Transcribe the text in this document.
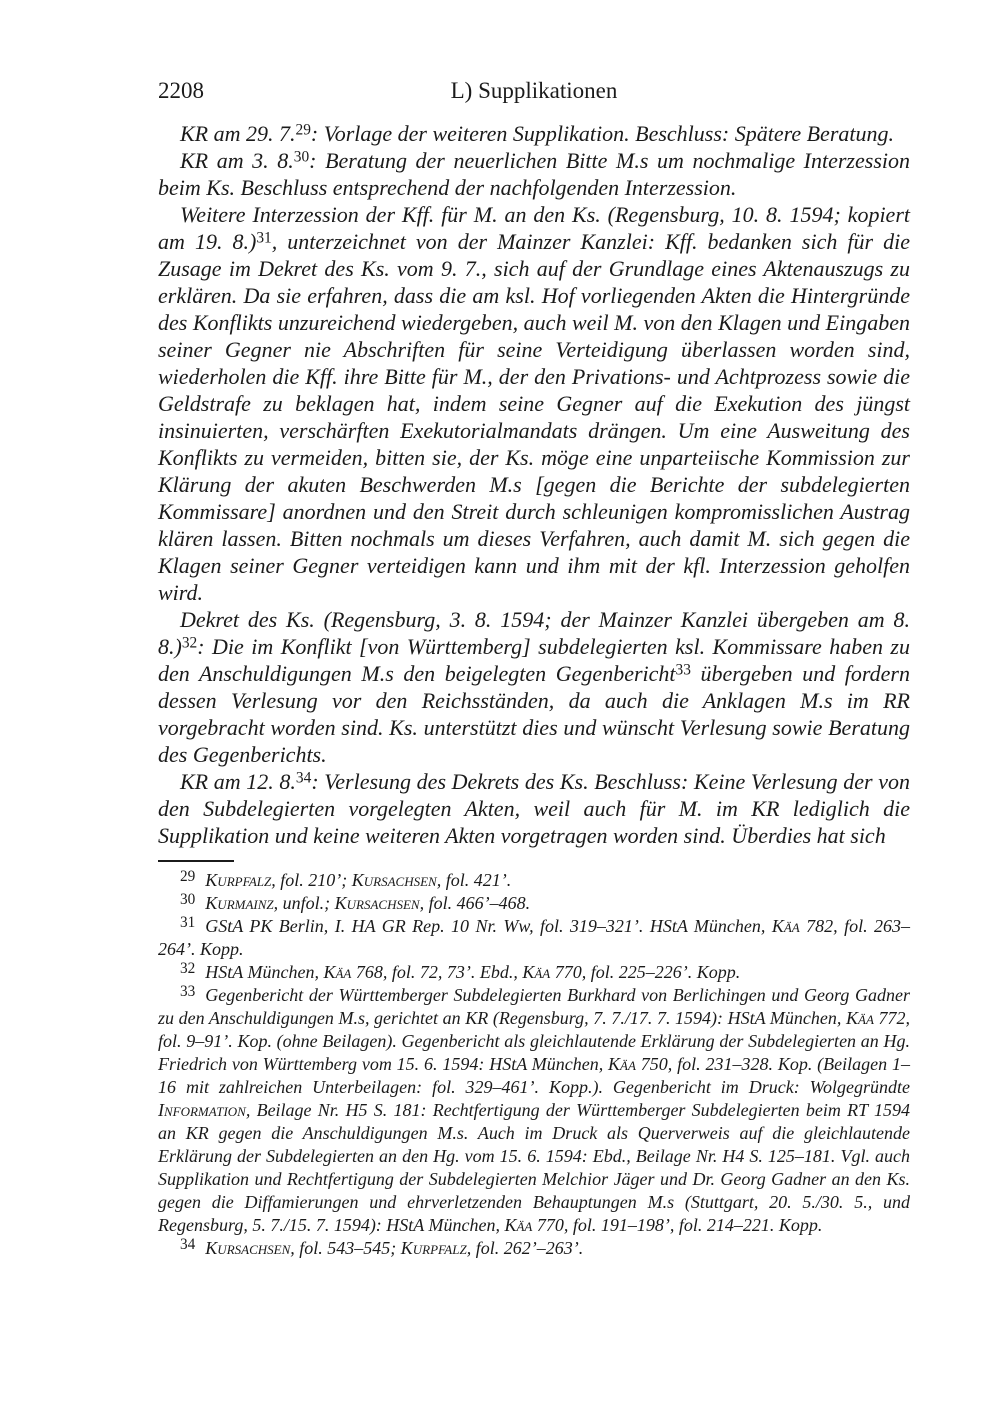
2208	L) Supplikationen

KR am 29. 7.29: Vorlage der weiteren Supplikation. Beschluss: Spätere Beratung.

KR am 3. 8.30: Beratung der neuerlichen Bitte M.s um nochmalige Interzession beim Ks. Beschluss entsprechend der nachfolgenden Interzession.

Weitere Interzession der Kff. für M. an den Ks. (Regensburg, 10. 8. 1594; kopiert am 19. 8.)$^{31}$, unterzeichnet von der Mainzer Kanzlei: Kff. bedanken sich für die Zusage im Dekret des Ks. vom 9. 7., sich auf der Grundlage eines Aktenauszugs zu erklären. Da sie erfahren, dass die am ksl. Hof vorliegenden Akten die Hintergründe des Konflikts unzureichend wiedergeben, auch weil M. von den Klagen und Eingaben seiner Gegner nie Abschriften für seine Verteidigung überlassen worden sind, wiederholen die Kff. ihre Bitte für M., der den Privations- und Achtprozess sowie die Geldstrafe zu beklagen hat, indem seine Gegner auf die Exekution des jüngst insinuierten, verschärften Exekutorialmandats drängen. Um eine Ausweitung des Konflikts zu vermeiden, bitten sie, der Ks. möge eine unparteiische Kommission zur Klärung der akuten Beschwerden M.s [gegen die Berichte der subdelegierten Kommissare] anordnen und den Streit durch schleunigen kompromisslichen Austrag klären lassen. Bitten nochmals um dieses Verfahren, auch damit M. sich gegen die Klagen seiner Gegner verteidigen kann und ihm mit der kfl. Interzession geholfen wird.

Dekret des Ks. (Regensburg, 3. 8. 1594; der Mainzer Kanzlei übergeben am 8. 8.)$^{32}$: Die im Konflikt [von Württemberg] subdelegierten ksl. Kommissare haben zu den Anschuldigungen M.s den beigelegten Gegenbericht$^{33}$ übergeben und fordern dessen Verlesung vor den Reichsständen, da auch die Anklagen M.s im RR vorgebracht worden sind. Ks. unterstützt dies und wünscht Verlesung sowie Beratung des Gegenberichts.

KR am 12. 8.34: Verlesung des Dekrets des Ks. Beschluss: Keine Verlesung der von den Subdelegierten vorgelegten Akten, weil auch für M. im KR lediglich die Supplikation und keine weiteren Akten vorgetragen worden sind. Überdies hat sich

29 Kurpfalz, fol. 210’; Kursachsen, fol. 421’.

30 Kurmainz, unfol.; Kursachsen, fol. 466’–468.

31 GStA PK Berlin, I. HA GR Rep. 10 Nr. Ww, fol. 319–321’. HStA München, Käa 782, fol. 263–264’. Kopp.

32 HStA München, Käa 768, fol. 72, 73’. Ebd., Käa 770, fol. 225–226’. Kopp.

33 Gegenbericht der Württemberger Subdelegierten Burkhard von Berlichingen und Georg Gadner zu den Anschuldigungen M.s, gerichtet an KR (Regensburg, 7. 7./17. 7. 1594): HStA München, Käa 772, fol. 9–91’. Kop. (ohne Beilagen). Gegenbericht als gleichlautende Erklärung der Subdelegierten an Hg. Friedrich von Württemberg vom 15. 6. 1594: HStA München, Käa 750, fol. 231–328. Kop. (Beilagen 1–16 mit zahlreichen Unterbeilagen: fol. 329–461’. Kopp.). Gegenbericht im Druck: Wolgegründte Information, Beilage Nr. H5 S. 181: Rechtfertigung der Württemberger Subdelegierten beim RT 1594 an KR gegen die Anschuldigungen M.s. Auch im Druck als Querverweis auf die gleichlautende Erklärung der Subdelegierten an den Hg. vom 15. 6. 1594: Ebd., Beilage Nr. H4 S. 125–181. Vgl. auch Supplikation und Rechtfertigung der Subdelegierten Melchior Jäger und Dr. Georg Gadner an den Ks. gegen die Diffamierungen und ehrverletzenden Behauptungen M.s (Stuttgart, 20. 5./30. 5., und Regensburg, 5. 7./15. 7. 1594): HStA München, Käa 770, fol. 191–198’, fol. 214–221. Kopp.

34 Kursachsen, fol. 543–545; Kurpfalz, fol. 262’–263’.
